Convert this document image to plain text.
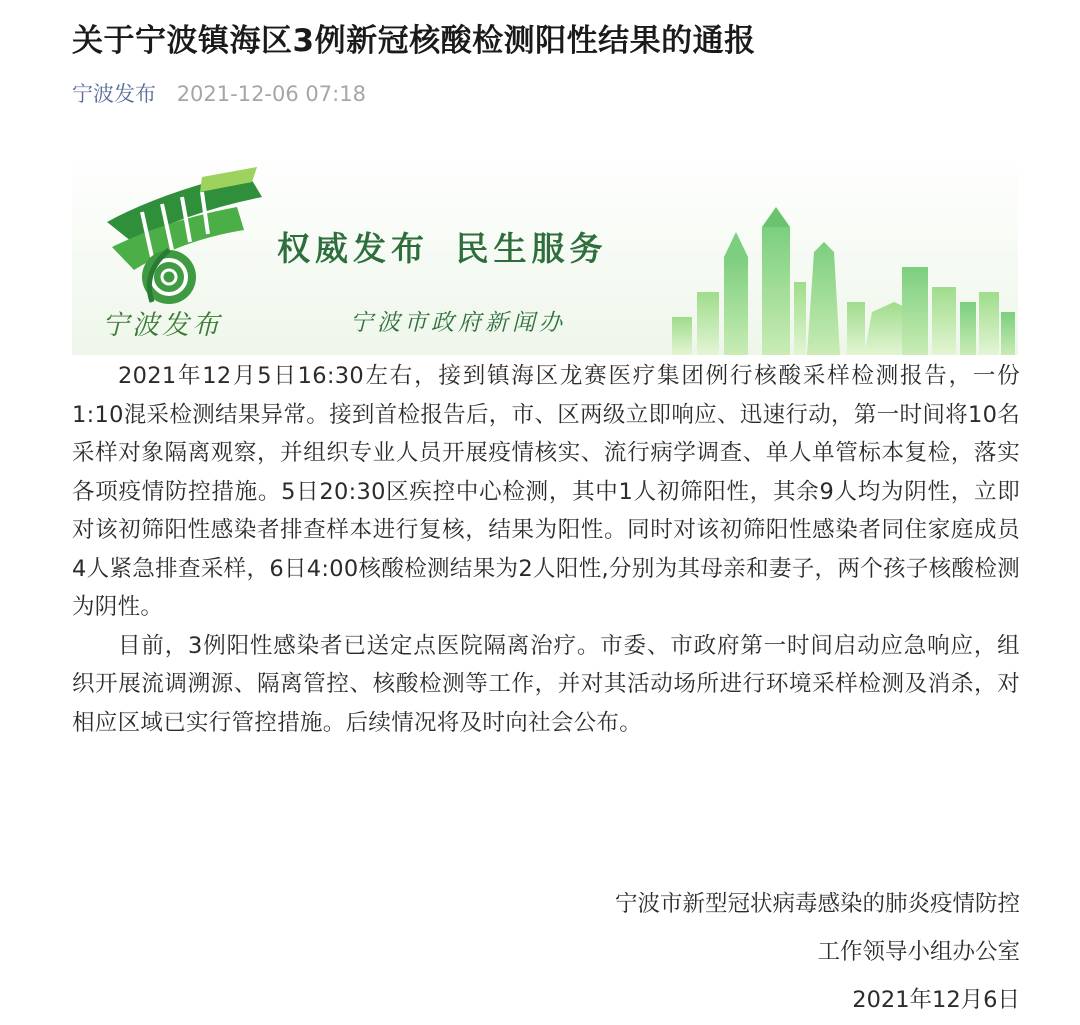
关于宁波镇海区3例新冠核酸检测阳性结果的通报
宁波发布 2021-12-06 07:18
宁波发布
权威发布  民生服务
宁波市政府新闻办

2021年12月5日16:30左右，接到镇海区龙赛医疗集团例行核酸采样检测报告，一份1:10混采检测结果异常。接到首检报告后，市、区两级立即响应、迅速行动，第一时间将10名采样对象隔离观察，并组织专业人员开展疫情核实、流行病学调查、单人单管标本复检，落实各项疫情防控措施。5日20:30区疾控中心检测，其中1人初筛阳性，其余9人均为阴性，立即对该初筛阳性感染者排查样本进行复核，结果为阳性。同时对该初筛阳性感染者同住家庭成员4人紧急排查采样，6日4:00核酸检测结果为2人阳性,分别为其母亲和妻子，两个孩子核酸检测为阴性。

目前，3例阳性感染者已送定点医院隔离治疗。市委、市政府第一时间启动应急响应，组织开展流调溯源、隔离管控、核酸检测等工作，并对其活动场所进行环境采样检测及消杀，对相应区域已实行管控措施。后续情况将及时向社会公布。

宁波市新型冠状病毒感染的肺炎疫情防控
工作领导小组办公室
2021年12月6日
